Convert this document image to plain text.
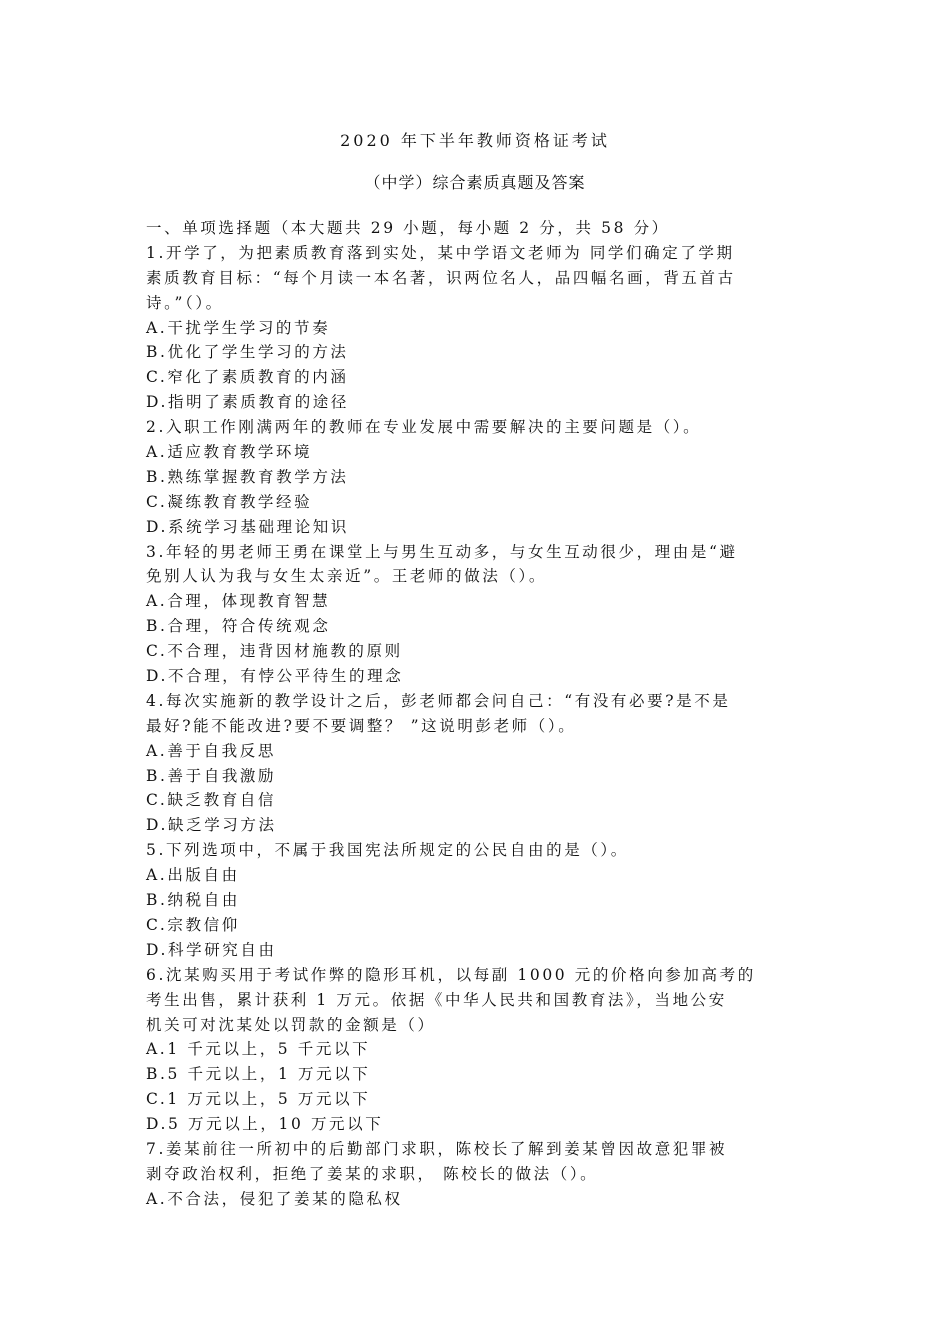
2020 年下半年教师资格证考试
（中学）综合素质真题及答案
一、单项选择题（本大题共 29 小题，每小题 2 分，共 58 分）
1.开学了，为把素质教育落到实处，某中学语文老师为 同学们确定了学期
素质教育目标：“每个月读一本名著，识两位名人，品四幅名画，背五首古
诗。”（）。
A.干扰学生学习的节奏
B.优化了学生学习的方法
C.窄化了素质教育的内涵
D.指明了素质教育的途径
2.入职工作刚满两年的教师在专业发展中需要解决的主要问题是（）。
A.适应教育教学环境
B.熟练掌握教育教学方法
C.凝练教育教学经验
D.系统学习基础理论知识
3.年轻的男老师王勇在课堂上与男生互动多，与女生互动很少，理由是“避
免别人认为我与女生太亲近”。王老师的做法（）。
A.合理，体现教育智慧
B.合理，符合传统观念
C.不合理，违背因材施教的原则
D.不合理，有悖公平待生的理念
4.每次实施新的教学设计之后，彭老师都会问自己：“有没有必要?是不是
最好?能不能改进?要不要调整？ ”这说明彭老师（）。
A.善于自我反思
B.善于自我激励
C.缺乏教育自信
D.缺乏学习方法
5.下列选项中，不属于我国宪法所规定的公民自由的是（）。
A.出版自由
B.纳税自由
C.宗教信仰
D.科学研究自由
6.沈某购买用于考试作弊的隐形耳机，以每副 1000 元的价格向参加高考的
考生出售，累计获利 1 万元。依据《中华人民共和国教育法》，当地公安
机关可对沈某处以罚款的金额是（）
A.1 千元以上，5 千元以下
B.5 千元以上，1 万元以下
C.1 万元以上，5 万元以下
D.5 万元以上，10 万元以下
7.姜某前往一所初中的后勤部门求职，陈校长了解到姜某曾因故意犯罪被
剥夺政治权利，拒绝了姜某的求职， 陈校长的做法（）。
A.不合法，侵犯了姜某的隐私权
